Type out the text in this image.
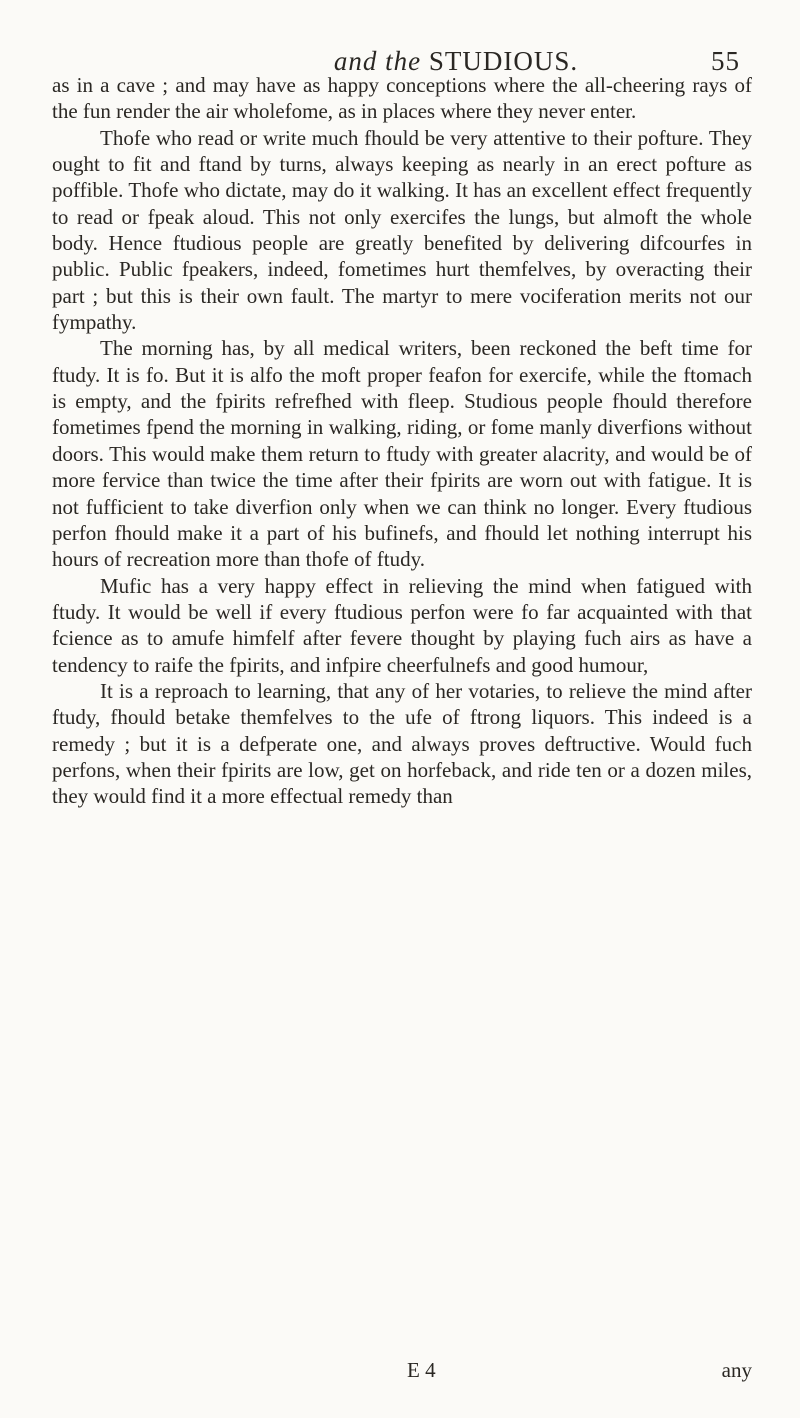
and the STUDIOUS.	55

as in a cave ; and may have as happy conceptions where the all-cheering rays of the fun render the air wholefome, as in places where they never enter.

Thofe who read or write much fhould be very attentive to their pofture. They ought to fit and ftand by turns, always keeping as nearly in an erect pofture as poffible. Thofe who dictate, may do it walking. It has an excellent effect frequently to read or fpeak aloud. This not only exercifes the lungs, but almoft the whole body. Hence ftudious people are greatly benefited by delivering difcourfes in public. Public fpeakers, indeed, fometimes hurt themfelves, by overacting their part ; but this is their own fault. The martyr to mere vociferation merits not our fympathy.

The morning has, by all medical writers, been reckoned the beft time for ftudy. It is fo. But it is alfo the moft proper feafon for exercife, while the ftomach is empty, and the fpirits refrefhed with fleep. Studious people fhould therefore fometimes fpend the morning in walking, riding, or fome manly diverfions without doors. This would make them return to ftudy with greater alacrity, and would be of more fervice than twice the time after their fpirits are worn out with fatigue. It is not fufficient to take diverfion only when we can think no longer. Every ftudious perfon fhould make it a part of his bufinefs, and fhould let nothing interrupt his hours of recreation more than thofe of ftudy.

Mufic has a very happy effect in relieving the mind when fatigued with ftudy. It would be well if every ftudious perfon were fo far acquainted with that fcience as to amufe himfelf after fevere thought by playing fuch airs as have a tendency to raife the fpirits, and infpire cheerfulnefs and good humour,

It is a reproach to learning, that any of her votaries, to relieve the mind after ftudy, fhould betake themfelves to the ufe of ftrong liquors. This indeed is a remedy ; but it is a defperate one, and always proves deftructive. Would fuch perfons, when their fpirits are low, get on horfeback, and ride ten or a dozen miles, they would find it a more effectual remedy than

E 4	any
